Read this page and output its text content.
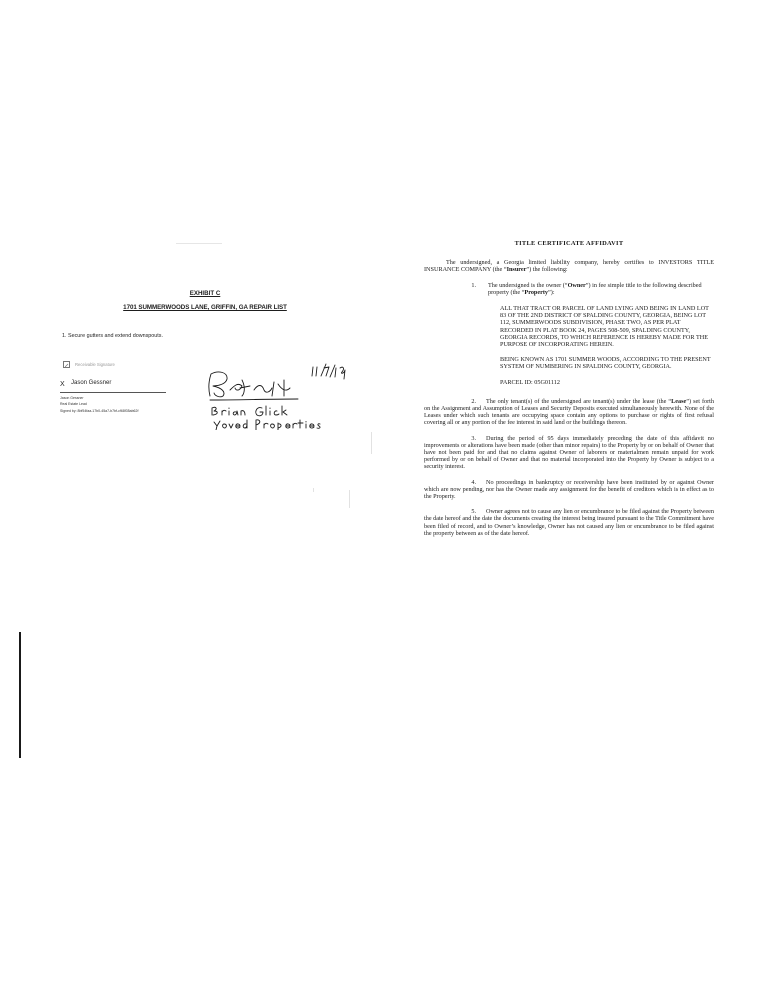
EXHIBIT C
1701 SUMMERWOODS LANE, GRIFFIN, GA REPAIR LIST
1. Secure gutters and extend downspouts.
Receivable Signature
X Jason Gessner
Jason Gessner
Real Estate Lead
Signed by: 8bf54faa-17b0-45a7-b7bf-cf68f35ab62f
TITLE CERTIFICATE AFFIDAVIT

The undersigned, a Georgia limited liability company, hereby certifies to INVESTORS TITLE INSURANCE COMPANY (the “Insurer”) the following:

1.	The undersigned is the owner (“Owner”) in fee simple title to the following described property (the “Property”):

ALL THAT TRACT OR PARCEL OF LAND LYING AND BEING IN LAND LOT 83 OF THE 2ND DISTRICT OF SPALDING COUNTY, GEORGIA, BEING LOT 112, SUMMERWOODS SUBDIVISION, PHASE TWO, AS PER PLAT RECORDED IN PLAT BOOK 24, PAGES 508-509, SPALDING COUNTY, GEORGIA RECORDS, TO WHICH REFERENCE IS HEREBY MADE FOR THE PURPOSE OF INCORPORATING HEREIN.

BEING KNOWN AS 1701 SUMMER WOODS, ACCORDING TO THE PRESENT SYSTEM OF NUMBERING IN SPALDING COUNTY, GEORGIA.

PARCEL ID: 05G01112

2. The only tenant(s) of the undersigned are tenant(s) under the lease (the “Lease”) set forth on the Assignment and Assumption of Leases and Security Deposits executed simultaneously herewith. None of the Leases under which such tenants are occupying space contain any options to purchase or rights of first refusal covering all or any portion of the fee interest in said land or the buildings thereon.

3. During the period of 95 days immediately preceding the date of this affidavit no improvements or alterations have been made (other than minor repairs) to the Property by or on behalf of Owner that have not been paid for and that no claims against Owner of laborers or materialmen remain unpaid for work performed by or on behalf of Owner and that no material incorporated into the Property by Owner is subject to a security interest.

4. No proceedings in bankruptcy or receivership have been instituted by or against Owner which are now pending, nor has the Owner made any assignment for the benefit of creditors which is in effect as to the Property.

5. Owner agrees not to cause any lien or encumbrance to be filed against the Property between the date hereof and the date the documents creating the interest being insured pursuant to the Title Commitment have been filed of record, and to Owner’s knowledge, Owner has not caused any lien or encumbrance to be filed against the property between as of the date hereof.
